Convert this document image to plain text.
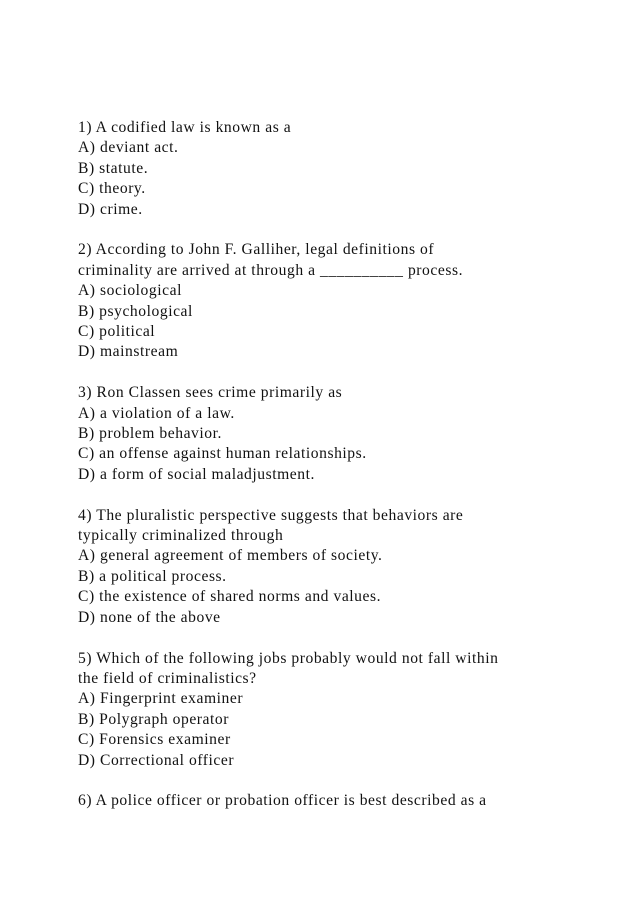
1) A codified law is known as a
A) deviant act.
B) statute.
C) theory.
D) crime.
2) According to John F. Galliher, legal definitions of
criminality are arrived at through a __________ process.
A) sociological
B) psychological
C) political
D) mainstream
3) Ron Classen sees crime primarily as
A) a violation of a law.
B) problem behavior.
C) an offense against human relationships.
D) a form of social maladjustment.
4) The pluralistic perspective suggests that behaviors are
typically criminalized through
A) general agreement of members of society.
B) a political process.
C) the existence of shared norms and values.
D) none of the above
5) Which of the following jobs probably would not fall within
the field of criminalistics?
A) Fingerprint examiner
B) Polygraph operator
C) Forensics examiner
D) Correctional officer
6) A police officer or probation officer is best described as a
